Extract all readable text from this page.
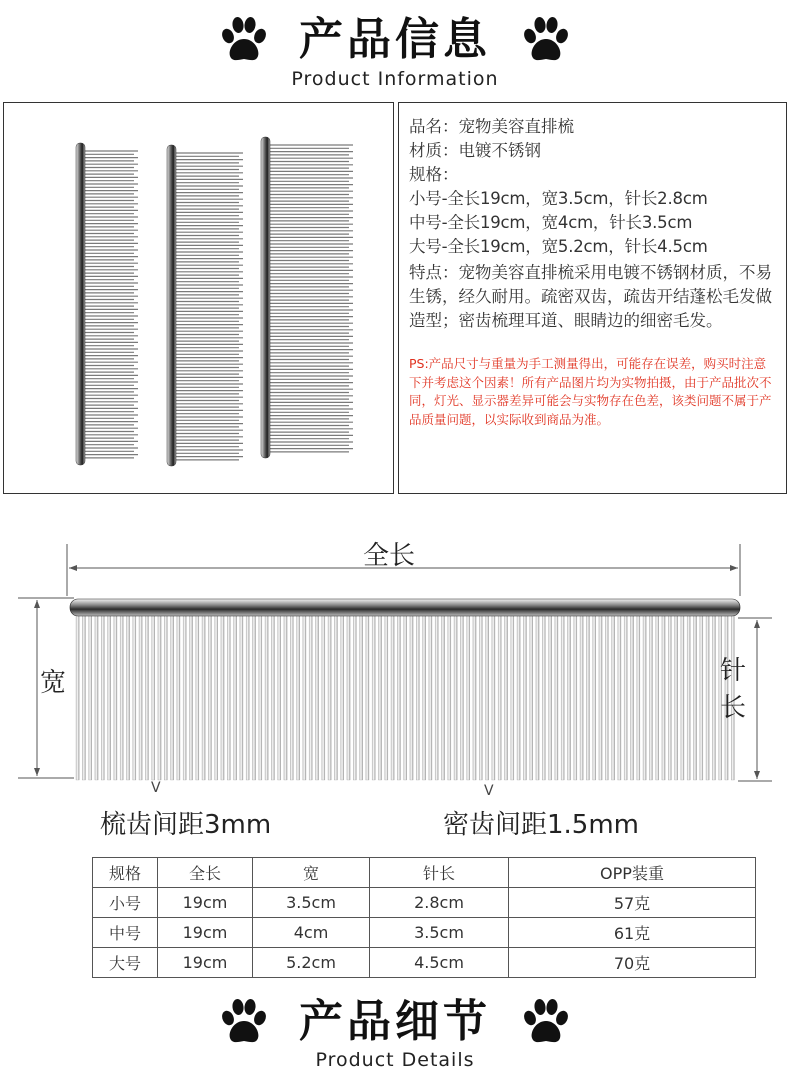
产品信息
Product Information
品名：宠物美容直排梳
材质：电镀不锈钢
规格：
小号-全长19cm，宽3.5cm，针长2.8cm
中号-全长19cm，宽4cm，针长3.5cm
大号-全长19cm，宽5.2cm，针长4.5cm
特点：宠物美容直排梳采用电镀不锈钢材质，不易生锈，经久耐用。疏密双齿，疏齿开结蓬松毛发做造型；密齿梳理耳道、眼睛边的细密毛发。
PS:产品尺寸与重量为手工测量得出，可能存在误差，购买时注意下并考虑这个因素！所有产品图片均为实物拍摄，由于产品批次不同，灯光、显示器差异可能会与实物存在色差，该类问题不属于产品质量问题，以实际收到商品为准。
全长
宽	针
长
V	V
梳齿间距3mm	密齿间距1.5mm
规格	全长	宽	针长	OPP装重
小号	19cm	3.5cm	2.8cm	57克
中号	19cm	4cm	3.5cm	61克
大号	19cm	5.2cm	4.5cm	70克
产品细节
Product Details
